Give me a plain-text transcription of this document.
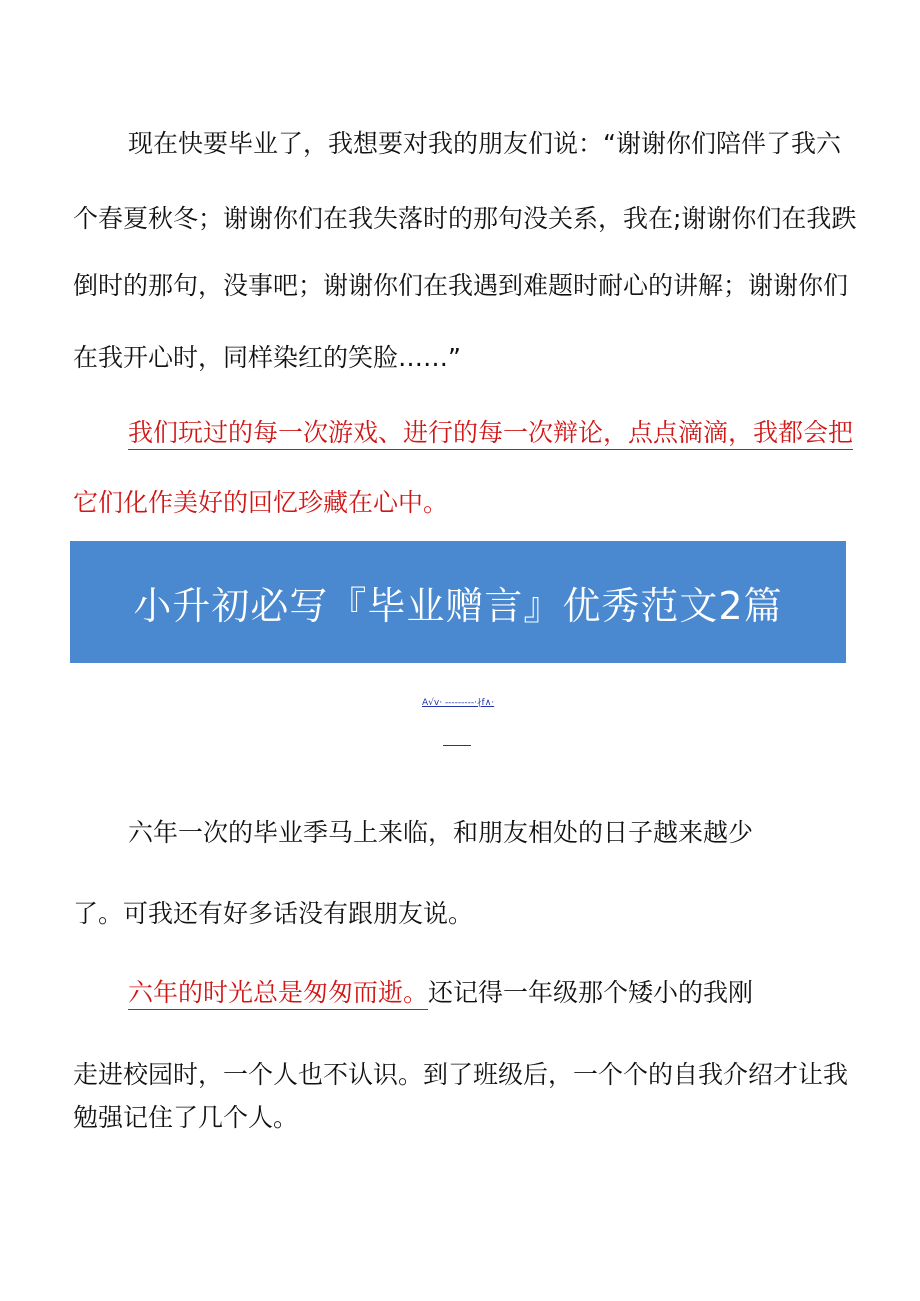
现在快要毕业了，我想要对我的朋友们说：“谢谢你们陪伴了我六
个春夏秋冬；谢谢你们在我失落时的那句没关系，我在;谢谢你们在我跌
倒时的那句，没事吧；谢谢你们在我遇到难题时耐心的讲解；谢谢你们
在我开心时，同样染红的笑脸……”
我们玩过的每一次游戏、进行的每一次辩论，点点滴滴，我都会把
它们化作美好的回忆珍藏在心中。
小升初必写『毕业赠言』优秀范文2篇
A√v· ---------·∤f∧·
六年一次的毕业季马上来临，和朋友相处的日子越来越少
了。可我还有好多话没有跟朋友说。
六年的时光总是匆匆而逝。还记得一年级那个矮小的我刚
走进校园时，一个人也不认识。到了班级后，一个个的自我介绍才让我
勉强记住了几个人。
